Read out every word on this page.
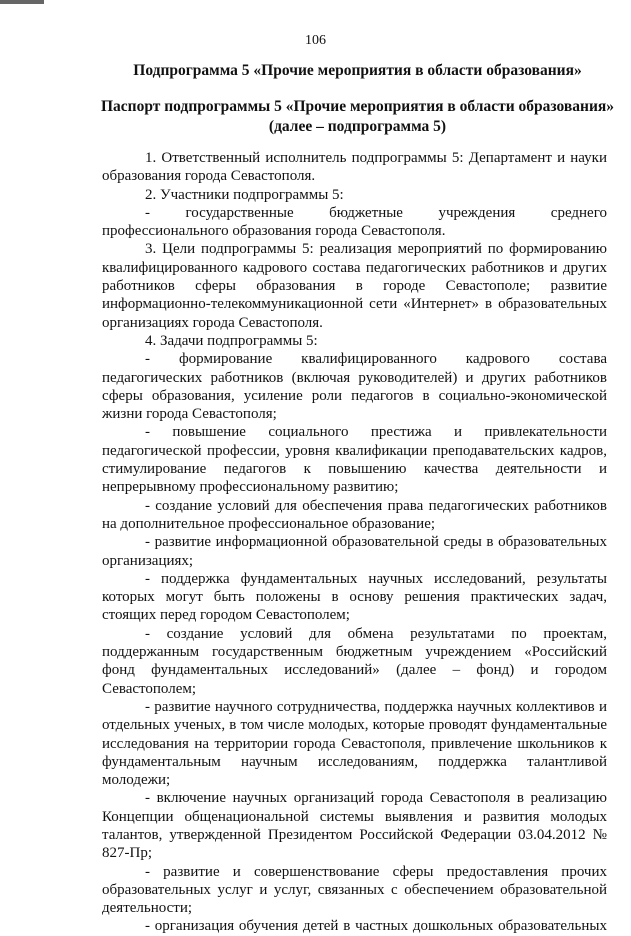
106
Подпрограмма 5 «Прочие мероприятия в области образования»
Паспорт подпрограммы 5 «Прочие мероприятия в области образования»
(далее – подпрограмма 5)

1. Ответственный исполнитель подпрограммы 5: Департамент и науки образования города Севастополя.

2. Участники подпрограммы 5:

- государственные бюджетные учреждения среднего профессионального образования города Севастополя.

3. Цели подпрограммы 5: реализация мероприятий по формированию квалифицированного кадрового состава педагогических работников и других работников сферы образования в городе Севастополе; развитие информационно-телекоммуникационной сети «Интернет» в образовательных организациях города Севастополя.

4. Задачи подпрограммы 5:

- формирование квалифицированного кадрового состава педагогических работников (включая руководителей) и других работников сферы образования, усиление роли педагогов в социально-экономической жизни города Севастополя;

- повышение социального престижа и привлекательности педагогической профессии, уровня квалификации преподавательских кадров, стимулирование педагогов к повышению качества деятельности и непрерывному профессиональному развитию;

- создание условий для обеспечения права педагогических работников на дополнительное профессиональное образование;

- развитие информационной образовательной среды в образовательных организациях;

- поддержка фундаментальных научных исследований, результаты которых могут быть положены в основу решения практических задач, стоящих перед городом Севастополем;

- создание условий для обмена результатами по проектам, поддержанным государственным бюджетным учреждением «Российский фонд фундаментальных исследований» (далее – фонд) и городом Севастополем;

- развитие научного сотрудничества, поддержка научных коллективов и отдельных ученых, в том числе молодых, которые проводят фундаментальные исследования на территории города Севастополя, привлечение школьников к фундаментальным научным исследованиям, поддержка талантливой молодежи;

- включение научных организаций города Севастополя в реализацию Концепции общенациональной системы выявления и развития молодых талантов, утвержденной Президентом Российской Федерации 03.04.2012 № 827-Пр;

- развитие и совершенствование сферы предоставления прочих образовательных услуг и услуг, связанных с обеспечением образовательной деятельности;

- организация обучения детей в частных дошкольных образовательных
